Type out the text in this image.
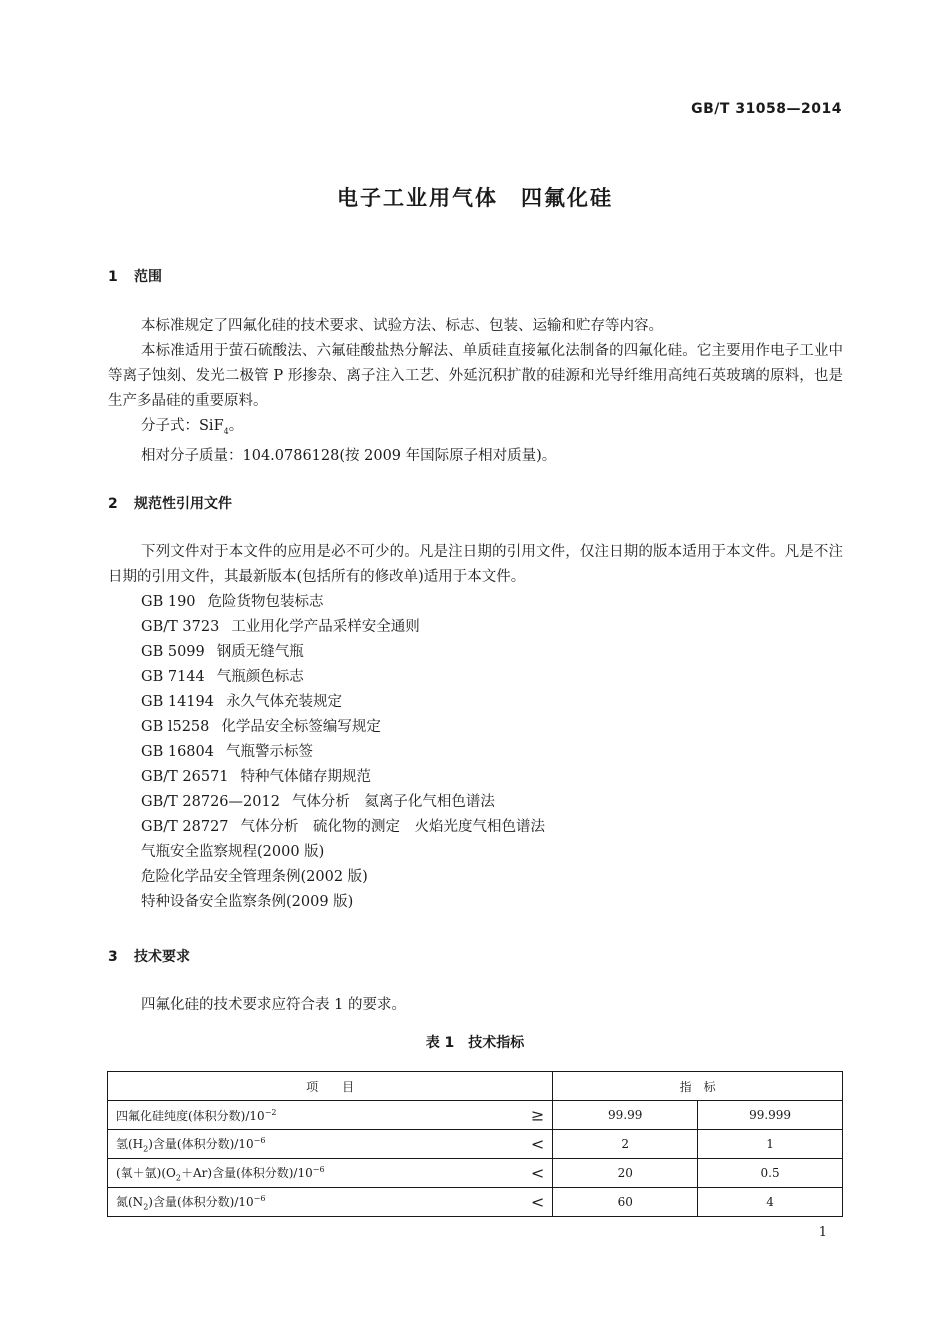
GB/T 31058—2014
电子工业用气体　四氟化硅
1 范围

本标准规定了四氟化硅的技术要求、试验方法、标志、包装、运输和贮存等内容。

本标准适用于萤石硫酸法、六氟硅酸盐热分解法、单质硅直接氟化法制备的四氟化硅。它主要用作电子工业中等离子蚀刻、发光二极管 P 形掺杂、离子注入工艺、外延沉积扩散的硅源和光导纤维用高纯石英玻璃的原料，也是生产多晶硅的重要原料。

分子式：SiF$_4$。

相对分子质量：104.0786128(按 2009 年国际原子相对质量)。

2 规范性引用文件

下列文件对于本文件的应用是必不可少的。凡是注日期的引用文件，仅注日期的版本适用于本文件。凡是不注日期的引用文件，其最新版本(包括所有的修改单)适用于本文件。

GB 190 危险货物包装标志
GB/T 3723 工业用化学产品采样安全通则
GB 5099 钢质无缝气瓶
GB 7144 气瓶颜色标志
GB 14194 永久气体充装规定
GB l5258 化学品安全标签编写规定
GB 16804 气瓶警示标签
GB/T 26571 特种气体储存期规范
GB/T 28726—2012 气体分析　氦离子化气相色谱法
GB/T 28727 气体分析　硫化物的测定　火焰光度气相色谱法
气瓶安全监察规程(2000 版)
危险化学品安全管理条例(2002 版)
特种设备安全监察条例(2009 版)
3 技术要求

四氟化硅的技术要求应符合表 1 的要求。

表 1　技术指标
项　　目	指　标	
四氟化硅纯度(体积分数)$/10^{-2}$ ≥	99.99	99.999
氢$(H_2)$含量(体积分数)$/10^{-6}$ <	2	1
(氧＋氩)$(O_2+Ar)$含量(体积分数)$/10^{-6}$ <	20	0.5
氮$(N_2)$含量(体积分数)$/10^{-6}$ <	60	4
1
